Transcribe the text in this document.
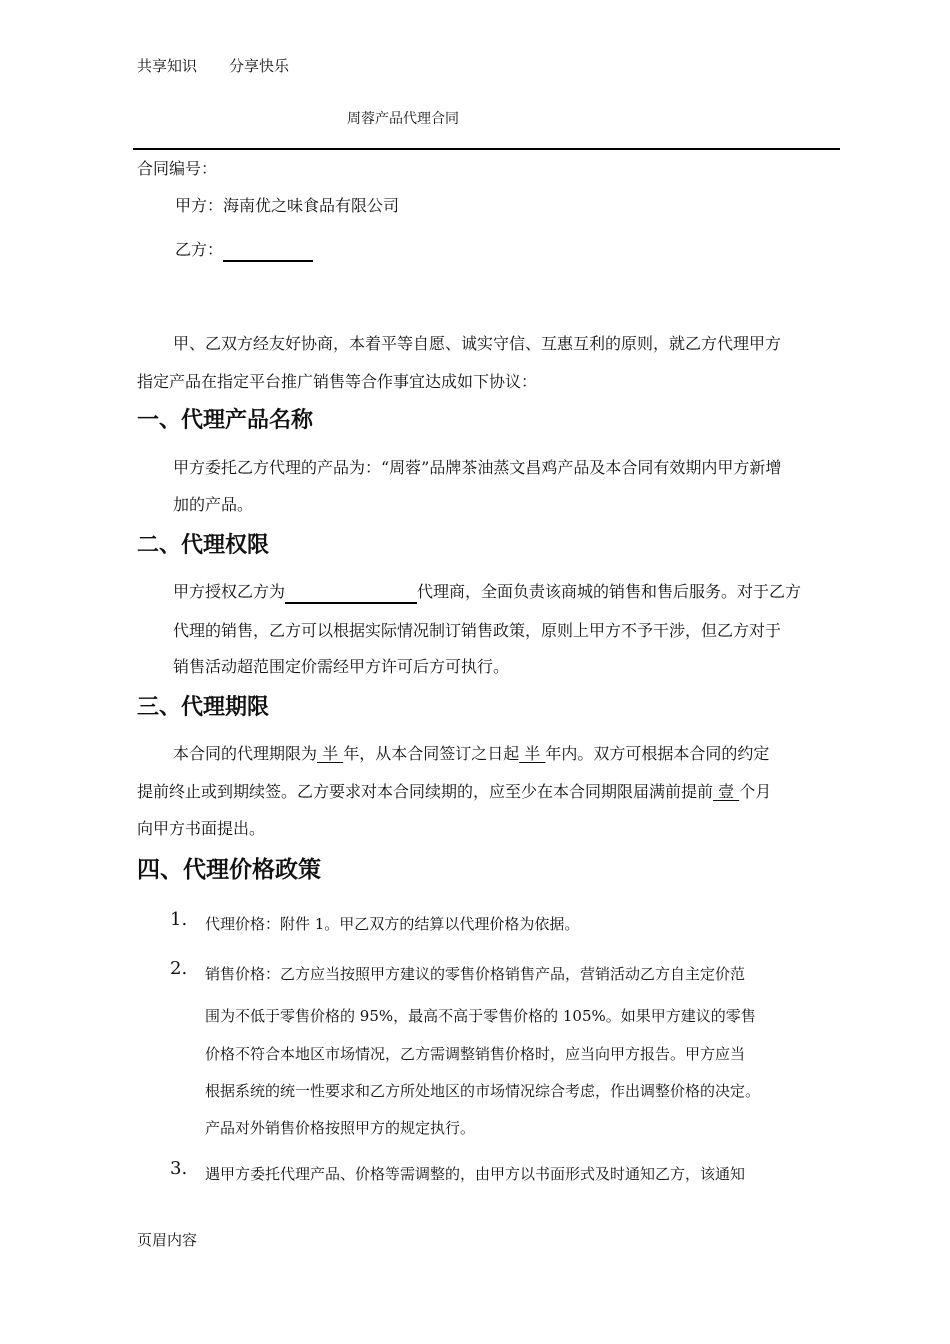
共享知识 分享快乐
周蓉产品代理合同
合同编号：
甲方：海南优之味食品有限公司
乙方：
甲、乙双方经友好协商，本着平等自愿、诚实守信、互惠互利的原则，就乙方代理甲方
指定产品在指定平台推广销售等合作事宜达成如下协议：
一、代理产品名称
甲方委托乙方代理的产品为：“周蓉”品牌茶油蒸文昌鸡产品及本合同有效期内甲方新增
加的产品。
二、代理权限
甲方授权乙方为	代理商，全面负责该商城的销售和售后服务。对于乙方
代理的销售，乙方可以根据实际情况制订销售政策，原则上甲方不予干涉，但乙方对于
销售活动超范围定价需经甲方许可后方可执行。
三、代理期限
本合同的代理期限为 半 年，从本合同签订之日起 半 年内。双方可根据本合同的约定
提前终止或到期续签。乙方要求对本合同续期的，应至少在本合同期限届满前提前 壹 个月
向甲方书面提出。
四、代理价格政策
1. 代理价格：附件 1。甲乙双方的结算以代理价格为依据。
2. 销售价格：乙方应当按照甲方建议的零售价格销售产品，营销活动乙方自主定价范
围为不低于零售价格的 95%，最高不高于零售价格的 105%。如果甲方建议的零售
价格不符合本地区市场情况，乙方需调整销售价格时，应当向甲方报告。甲方应当
根据系统的统一性要求和乙方所处地区的市场情况综合考虑，作出调整价格的决定。
产品对外销售价格按照甲方的规定执行。
3. 遇甲方委托代理产品、价格等需调整的，由甲方以书面形式及时通知乙方，该通知
页眉内容
